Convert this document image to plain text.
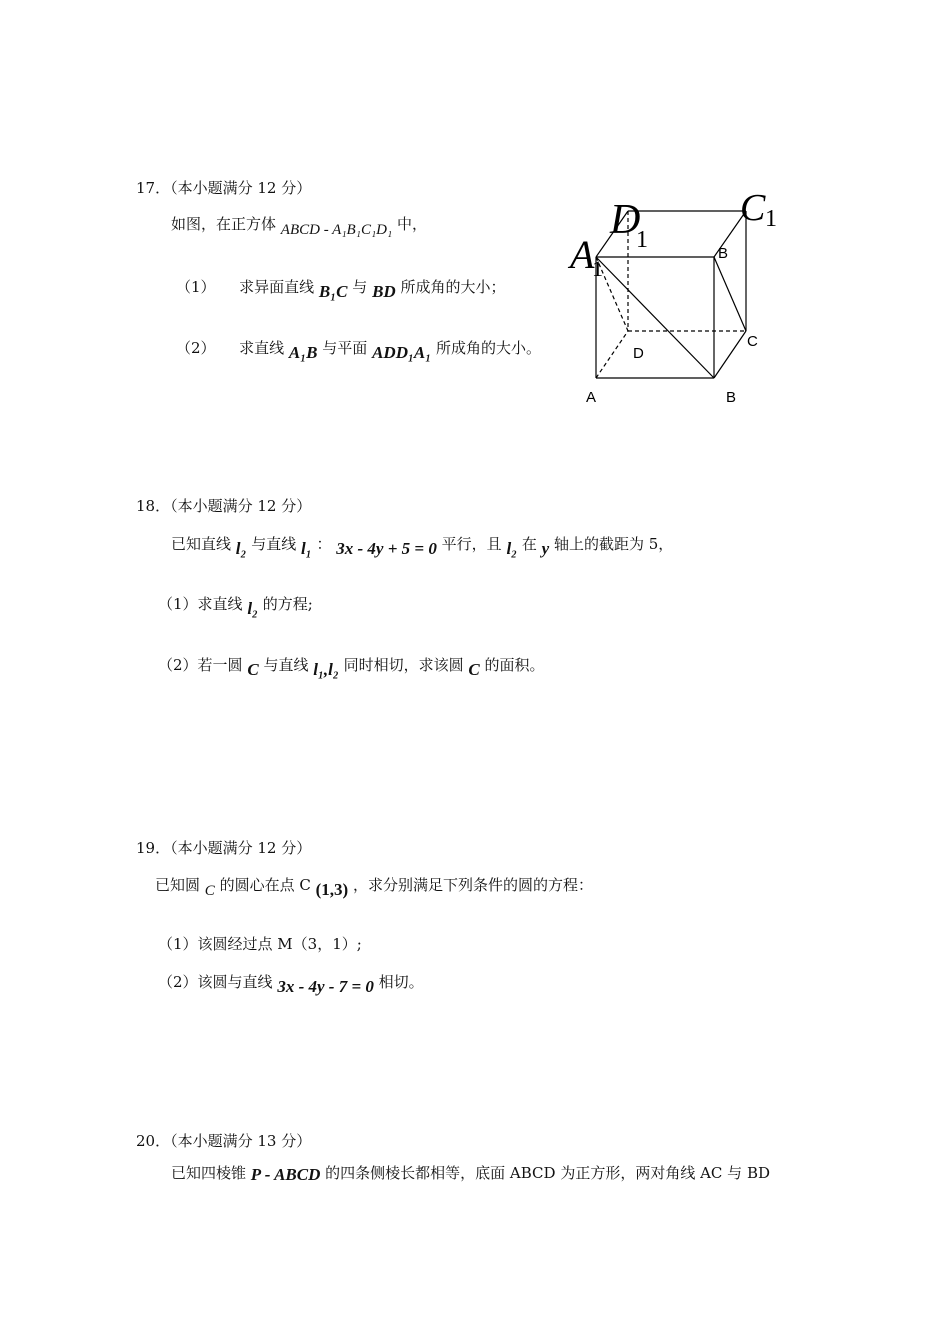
17．（本小题满分 12 分）
如图，在正方体 ABCD - A₁B₁C₁D₁ 中，
（1） 求异面直线 B₁C 与 BD 所成角的大小；
（2） 求直线 A₁B 与平面 ADD₁A₁ 所成角的大小。
D
1
C 1
A
1
B
C
D
A	B
18．（本小题满分 12 分）
已知直线 l₂ 与直线 l₁ ： 3x - 4y + 5 = 0 平行，且 l₂ 在 y 轴上的截距为 5，
（1）求直线 l₂ 的方程;
（2）若一圆 C 与直线 l₁,l₂ 同时相切，求该圆 C 的面积。
19．（本小题满分 12 分）
已知圆 C 的圆心在点 C (1,3) ，求分别满足下列条件的圆的方程：
（1）该圆经过点 M（3，1）;
（2）该圆与直线 3x - 4y - 7 = 0 相切。
20．（本小题满分 13 分）
已知四棱锥 P - ABCD 的四条侧棱长都相等，底面 ABCD 为正方形，两对角线 AC 与 BD
